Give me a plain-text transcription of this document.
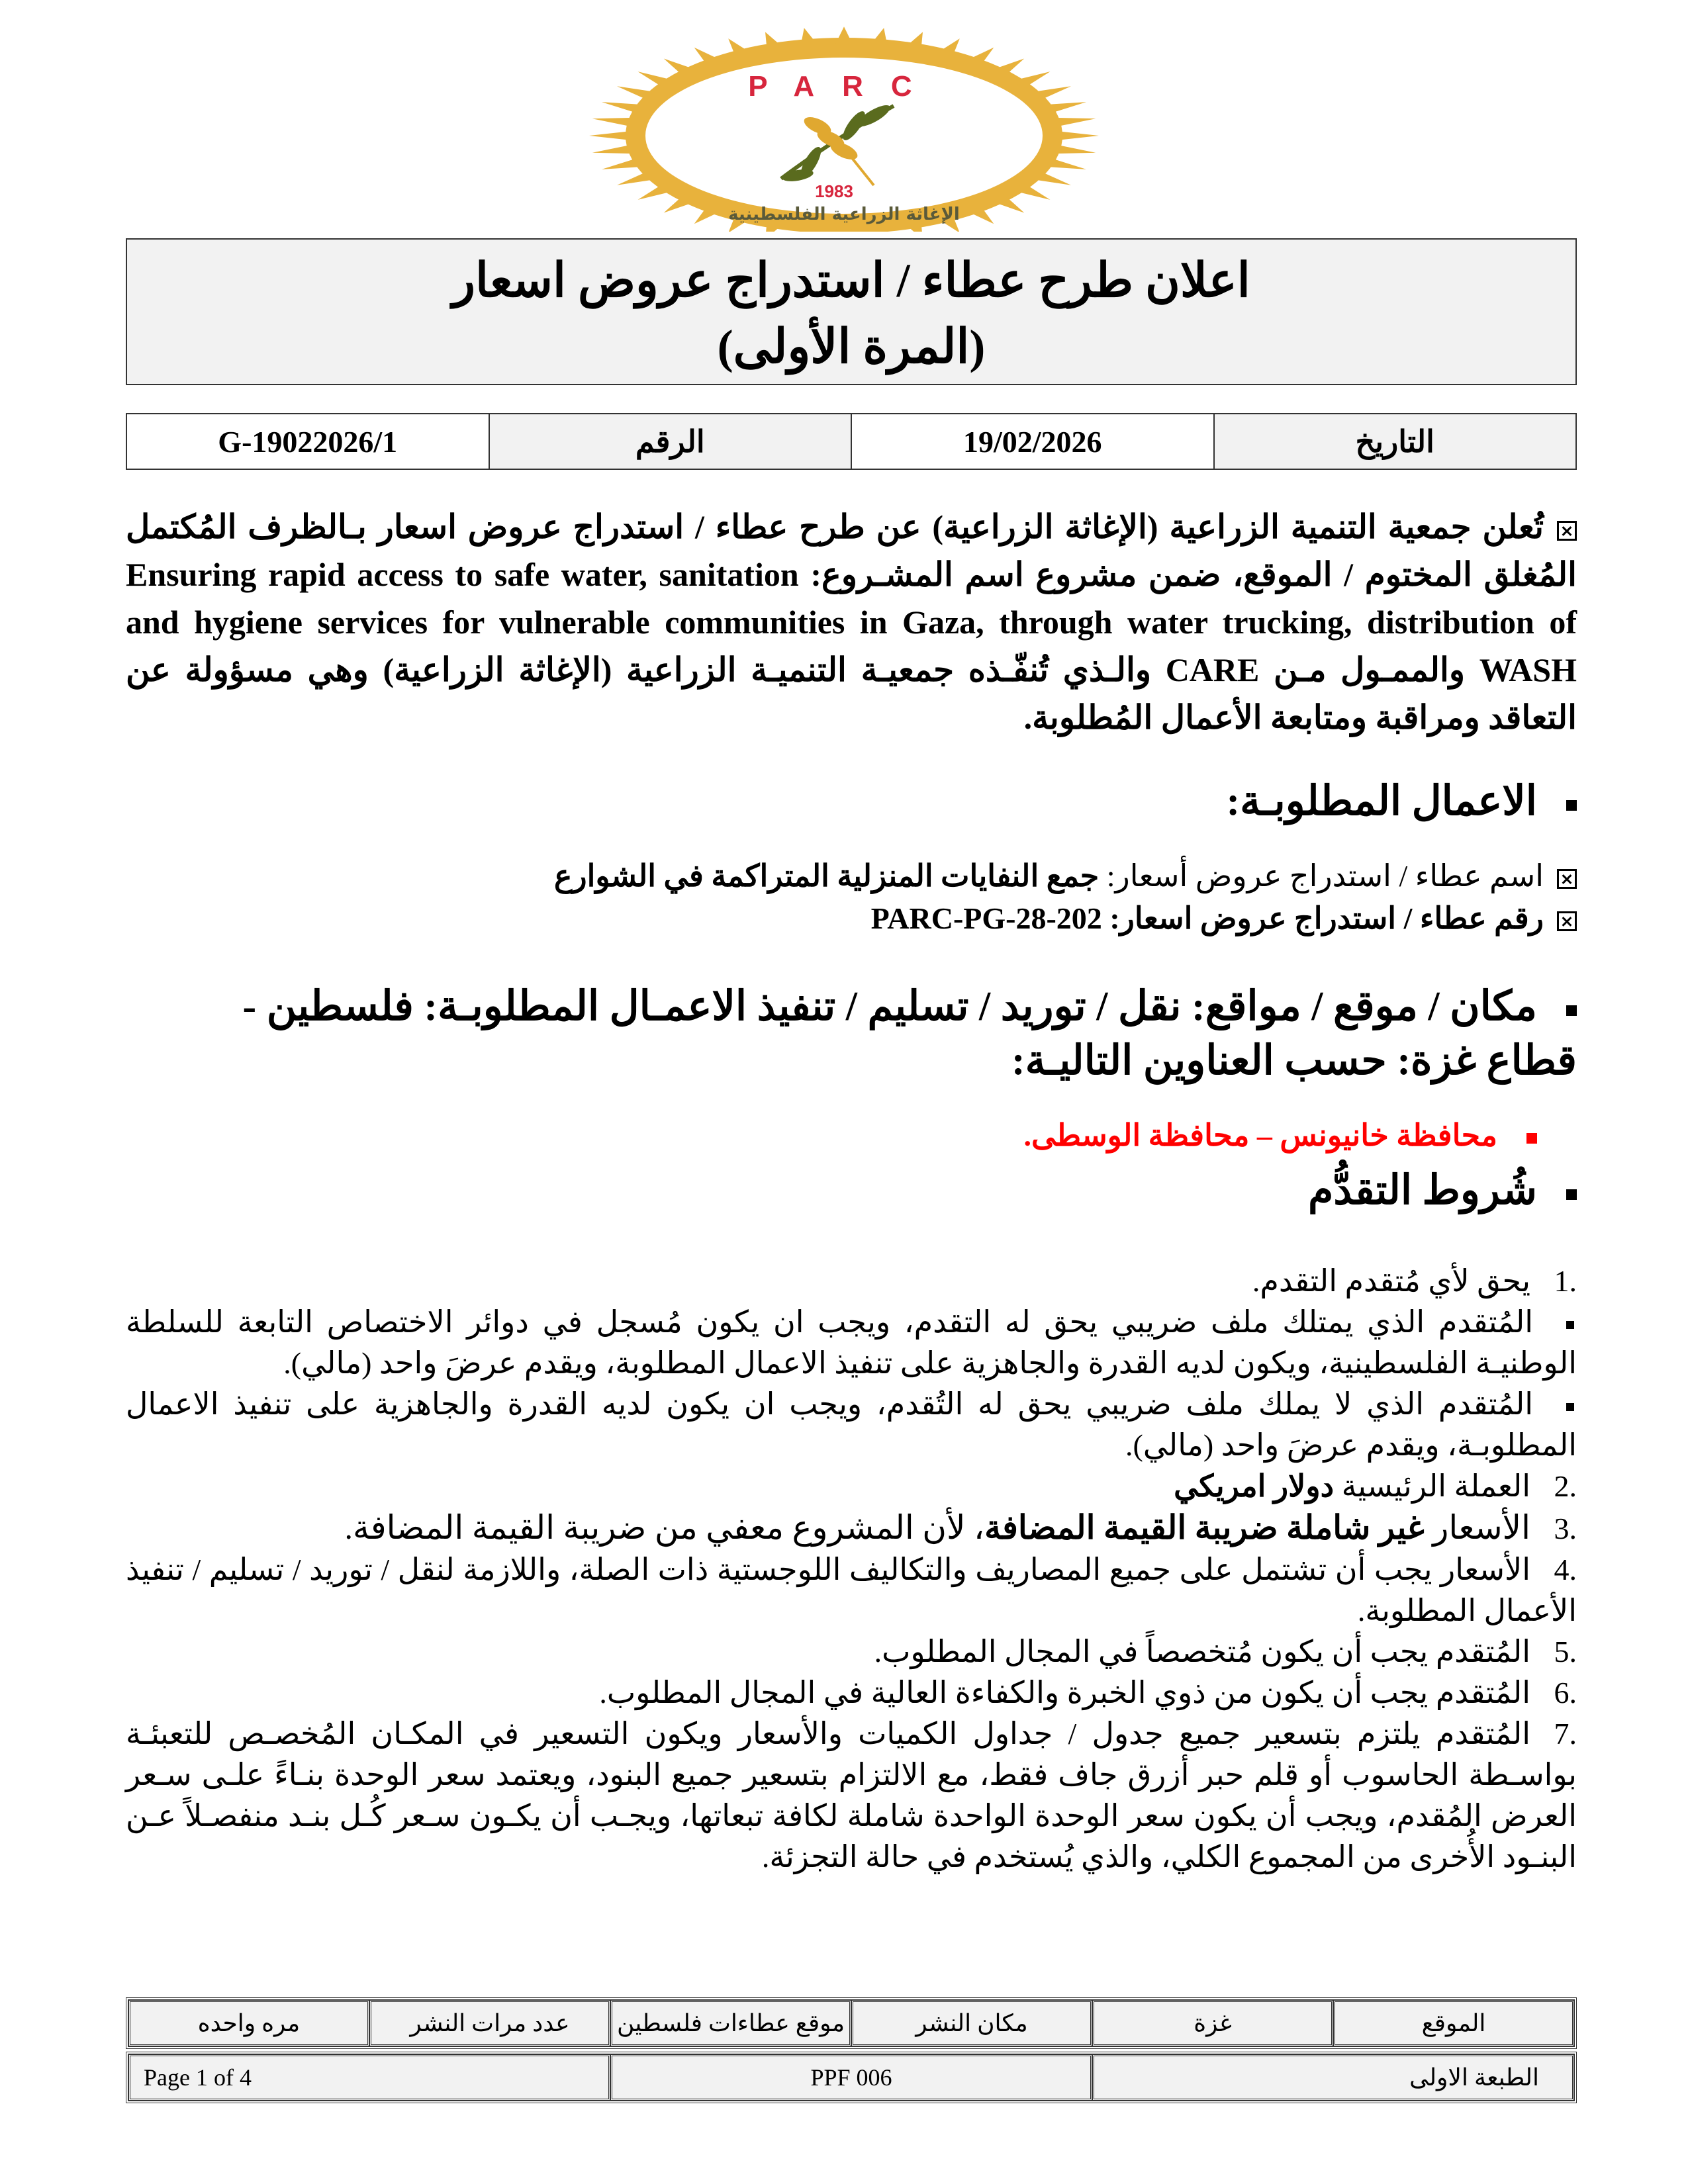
PARC
1983
الإغاثة الزراعية الفلسطينية
اعلان طرح عطاء / استدراج عروض اسعار
(المرة الأولى)
التاريخ	19/02/2026	الرقم	G-19022026/1
تُعلن جمعية التنمية الزراعية (الإغاثة الزراعية) عن طرح عطاء / استدراج عروض اسعار بـالظرف المُكتمل المُغلق المختوم / الموقع، ضمن مشروع اسم المشـروع: Ensuring rapid access to safe water, sanitation and hygiene services for vulnerable communities in Gaza, through water trucking, distribution of WASH والممـول مـن CARE والـذي تُنفّـذه جمعيـة التنميـة الزراعية (الإغاثة الزراعية) وهي مسؤولة عن التعاقد ومراقبة ومتابعة الأعمال المُطلوبة.
الاعمال المطلوبـة:
اسم عطاء / استدراج عروض أسعار: جمع النفايات المنزلية المتراكمة في الشوارع
رقم عطاء / استدراج عروض اسعار: PARC-PG-28-202
مكان / موقع / مواقع: نقل / توريد / تسليم / تنفيذ الاعمـال المطلوبـة: فلسطين -
قطاع غزة: حسب العناوين التاليـة:
محافظة خانيونس – محافظة الوسطى.
شُروط التقدُّم
1.يحق لأي مُتقدم التقدم.
المُتقدم الذي يمتلك ملف ضريبي يحق له التقدم، ويجب ان يكون مُسجل في دوائر الاختصاص التابعة للسلطة الوطنيـة الفلسطينية، ويكون لديه القدرة والجاهزية على تنفيذ الاعمال المطلوبة، ويقدم عرضَ واحد (مالي).
المُتقدم الذي لا يملك ملف ضريبي يحق له التُقدم، ويجب ان يكون لديه القدرة والجاهزية على تنفيذ الاعمال المطلوبـة، ويقدم عرضَ واحد (مالي).
2.العملة الرئيسية دولار امريكي
3.الأسعار غير شاملة ضريبة القيمة المضافة، لأن المشروع معفي من ضريبة القيمة المضافة.
4.الأسعار يجب أن تشتمل على جميع المصاريف والتكاليف اللوجستية ذات الصلة، واللازمة لنقل / توريد / تسليم / تنفيذ الأعمال المطلوبة.
5.المُتقدم يجب أن يكون مُتخصصاً في المجال المطلوب.
6.المُتقدم يجب أن يكون من ذوي الخبرة والكفاءة العالية في المجال المطلوب.
7.المُتقدم يلتزم بتسعير جميع جدول / جداول الكميات والأسعار ويكون التسعير في المكـان المُخصـص للتعبئـة بواسـطة الحاسوب أو قلم حبر أزرق جاف فقط، مع الالتزام بتسعير جميع البنود، ويعتمد سعر الوحدة بنـاءً علـى سـعر العرض المُقدم، ويجب أن يكون سعر الوحدة الواحدة شاملة لكافة تبعاتها، ويجـب أن يكـون سـعر كُـل بنـد منفصـلاً عـن البنـود الأُخرى من المجموع الكلي، والذي يُستخدم في حالة التجزئة.
الموقع	غزة	مكان النشر	موقع عطاءات فلسطين	عدد مرات النشر	مره واحده
الطبعة الاولى	PPF 006	Page 1 of 4
